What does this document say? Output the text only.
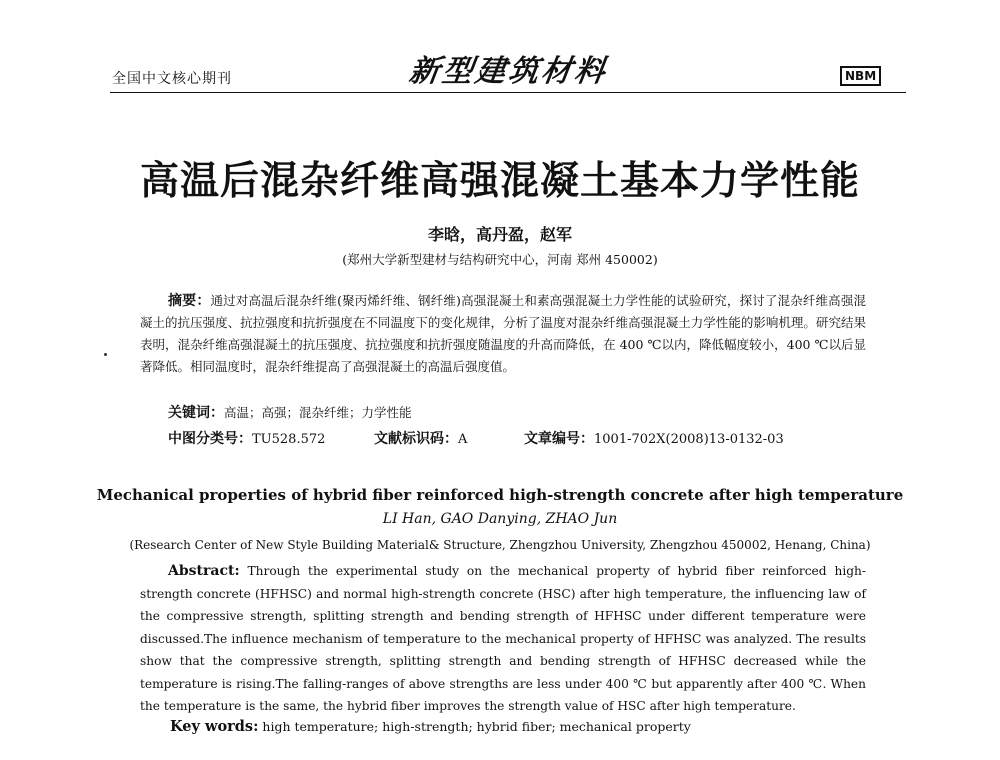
全国中文核心期刊	新型建筑材料	NBM
高温后混杂纤维高强混凝土基本力学性能
李晗，高丹盈，赵军
(郑州大学新型建材与结构研究中心，河南 郑州 450002)
摘要：通过对高温后混杂纤维(聚丙烯纤维、钢纤维)高强混凝土和素高强混凝土力学性能的试验研究，探讨了混杂纤维高强混凝土的抗压强度、抗拉强度和抗折强度在不同温度下的变化规律，分析了温度对混杂纤维高强混凝土力学性能的影响机理。研究结果表明，混杂纤维高强混凝土的抗压强度、抗拉强度和抗折强度随温度的升高而降低，在 400 ℃以内，降低幅度较小，400 ℃以后显著降低。相同温度时，混杂纤维提高了高强混凝土的高温后强度值。
关键词：高温；高强；混杂纤维；力学性能
中图分类号：TU528.572	文献标识码：A	文章编号：1001-702X(2008)13-0132-03
Mechanical properties of hybrid fiber reinforced high-strength concrete after high temperature
LI Han, GAO Danying, ZHAO Jun
(Research Center of New Style Building Material& Structure, Zhengzhou University, Zhengzhou 450002, Henang, China)
Abstract: Through the experimental study on the mechanical property of hybrid fiber reinforced high-strength concrete (HFHSC) and normal high-strength concrete (HSC) after high temperature, the influencing law of the compressive strength, splitting strength and bending strength of HFHSC under different temperature were discussed.The influence mechanism of temperature to the mechanical property of HFHSC was analyzed. The results show that the compressive strength, splitting strength and bending strength of HFHSC decreased while the temperature is rising.The falling-ranges of above strengths are less under 400 ℃ but apparently after 400 ℃. When the temperature is the same, the hybrid fiber improves the strength value of HSC after high temperature.
Key words: high temperature; high-strength; hybrid fiber; mechanical property
